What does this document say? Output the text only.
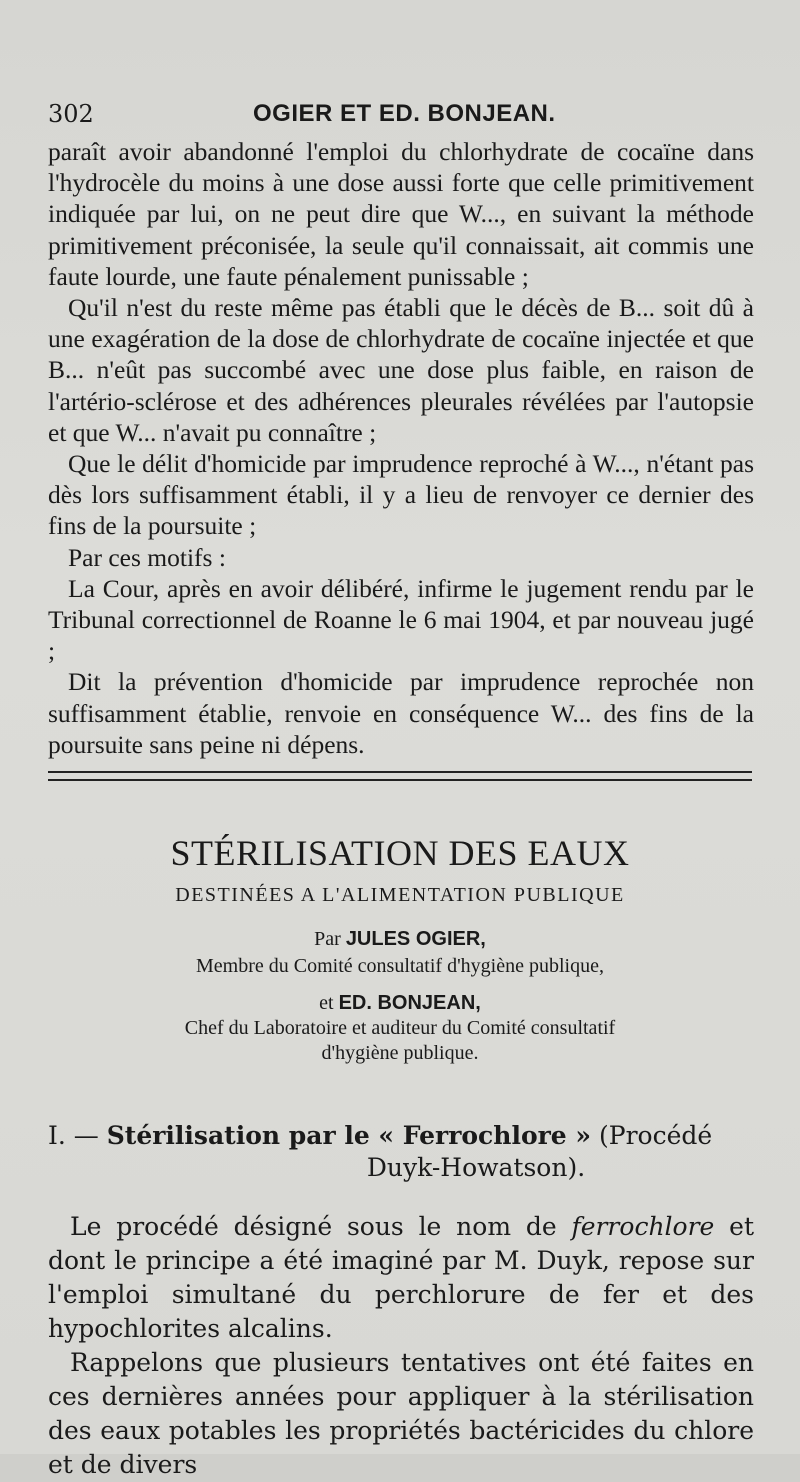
302	OGIER ET ED. BONJEAN.

paraît avoir abandonné l'emploi du chlorhydrate de cocaïne dans l'hydrocèle du moins à une dose aussi forte que celle primitivement indiquée par lui, on ne peut dire que W..., en suivant la méthode primitivement préconisée, la seule qu'il connaissait, ait commis une faute lourde, une faute pénalement punissable ;

Qu'il n'est du reste même pas établi que le décès de B... soit dû à une exagération de la dose de chlorhydrate de cocaïne injectée et que B... n'eût pas succombé avec une dose plus faible, en raison de l'artério-sclérose et des adhérences pleurales révélées par l'autopsie et que W... n'avait pu connaître ;

Que le délit d'homicide par imprudence reproché à W..., n'étant pas dès lors suffisamment établi, il y a lieu de renvoyer ce dernier des fins de la poursuite ;

Par ces motifs :

La Cour, après en avoir délibéré, infirme le jugement rendu par le Tribunal correctionnel de Roanne le 6 mai 1904, et par nouveau jugé ;

Dit la prévention d'homicide par imprudence reprochée non suffisamment établie, renvoie en conséquence W... des fins de la poursuite sans peine ni dépens.

STÉRILISATION DES EAUX
DESTINÉES A L'ALIMENTATION PUBLIQUE
Par JULES OGIER,
Membre du Comité consultatif d'hygiène publique,
et ED. BONJEAN,
Chef du Laboratoire et auditeur du Comité consultatif
d'hygiène publique.
I. — Stérilisation par le « Ferrochlore » (Procédé
Duyk-Howatson).

Le procédé désigné sous le nom de ferrochlore et dont le principe a été imaginé par M. Duyk, repose sur l'emploi simultané du perchlorure de fer et des hypochlorites alcalins.

Rappelons que plusieurs tentatives ont été faites en ces dernières années pour appliquer à la stérilisation des eaux potables les propriétés bactéricides du chlore et de divers
